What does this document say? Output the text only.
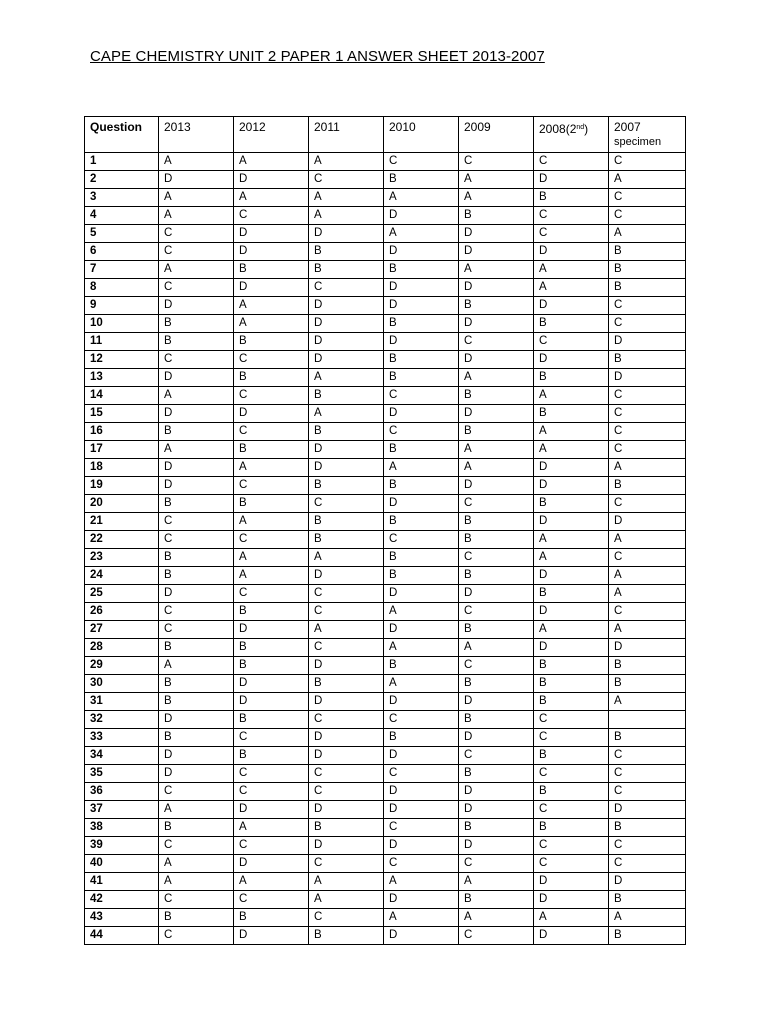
CAPE CHEMISTRY UNIT 2 PAPER 1 ANSWER SHEET 2013-2007
Question	2013	2012	2011	2010	2009	2008(2nd)	2007
specimen

1	A	A	A	C	C	C	C
2	D	D	C	B	A	D	A
3	A	A	A	A	A	B	C
4	A	C	A	D	B	C	C
5	C	D	D	A	D	C	A
6	C	D	B	D	D	D	B
7	A	B	B	B	A	A	B
8	C	D	C	D	D	A	B
9	D	A	D	D	B	D	C
10	B	A	D	B	D	B	C
11	B	B	D	D	C	C	D
12	C	C	D	B	D	D	B
13	D	B	A	B	A	B	D
14	A	C	B	C	B	A	C
15	D	D	A	D	D	B	C
16	B	C	B	C	B	A	C
17	A	B	D	B	A	A	C
18	D	A	D	A	A	D	A
19	D	C	B	B	D	D	B
20	B	B	C	D	C	B	C
21	C	A	B	B	B	D	D
22	C	C	B	C	B	A	A
23	B	A	A	B	C	A	C
24	B	A	D	B	B	D	A
25	D	C	C	D	D	B	A
26	C	B	C	A	C	D	C
27	C	D	A	D	B	A	A
28	B	B	C	A	A	D	D
29	A	B	D	B	C	B	B
30	B	D	B	A	B	B	B
31	B	D	D	D	D	B	A
32	D	B	C	C	B	C	
33	B	C	D	B	D	C	B
34	D	B	D	D	C	B	C
35	D	C	C	C	B	C	C
36	C	C	C	D	D	B	C
37	A	D	D	D	D	C	D
38	B	A	B	C	B	B	B
39	C	C	D	D	D	C	C
40	A	D	C	C	C	C	C
41	A	A	A	A	A	D	D
42	C	C	A	D	B	D	B
43	B	B	C	A	A	A	A
44	C	D	B	D	C	D	B
